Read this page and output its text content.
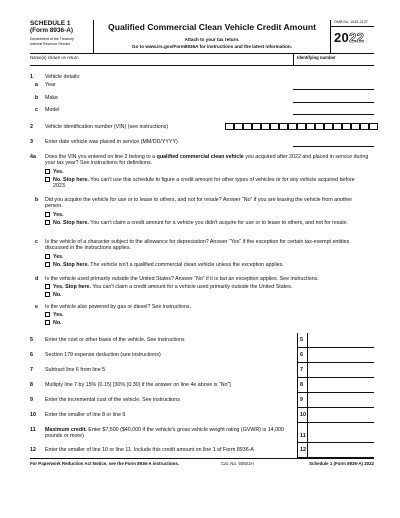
SCHEDULE 1
(Form 8936-A)
Department of the Treasury
Internal Revenue Service
Qualified Commercial Clean Vehicle Credit Amount
Attach to your tax return.
Go to www.irs.gov/Form8936A for instructions and the latest information.
OMB No. 1545-2137
2022
Name(s) shown on return	Identifying number
1	Vehicle details:
a	Year
b	Make
c	Model
2	Vehicle identification number (VIN) (see instructions)
3	Enter date vehicle was placed in service (MM/DD/YYYY)
4a	Does the VIN you entered on line 2 belong to a qualified commercial clean vehicle you acquired after 2022 and placed in service during your tax year? See instructions for definitions.
Yes.
No. Stop here. You can't use this schedule to figure a credit amount for other types of vehicles or for any vehicle acquired before 2023.
b	Did you acquire the vehicle for use or to lease to others, and not for resale? Answer “No” if you are leasing the vehicle from another person.
Yes.
No. Stop here. You can't claim a credit amount for a vehicle you didn't acquire for use or to lease to others, and not for resale.
c	Is the vehicle of a character subject to the allowance for depreciation? Answer “Yes” if the exception for certain tax-exempt entities discussed in the instructions applies.
Yes.
No. Stop here. The vehicle isn't a qualified commercial clean vehicle unless the exception applies.
d	Is the vehicle used primarily outside the United States? Answer “No” if it is but an exception applies. See instructions.
Yes. Stop here. You can't claim a credit amount for a vehicle used primarily outside the United States.
No.
e	Is the vehicle also powered by gas or diesel? See instructions.
Yes.
No.
5	Enter the cost or other basis of the vehicle. See instructions	5
6	Section 179 expense deduction (see instructions)	6
7	Subtract line 6 from line 5	7
8	Multiply line 7 by 15% (0.15) [30% (0.30) if the answer on line 4e above is “No”]	8
9	Enter the incremental cost of the vehicle. See instructions	9
10	Enter the smaller of line 8 or line 9	10
11	Maximum credit. Enter $7,500 ($40,000 if the vehicle's gross vehicle weight rating (GVWR) is 14,000 pounds or more)	11
12	Enter the smaller of line 10 or line 11. Include this credit amount on line 1 of Form 8936-A	12
For Paperwork Reduction Act Notice, see the Form 8936-A instructions.	Cat. No. 93501H	Schedule 1 (Form 8936-A) 2022
